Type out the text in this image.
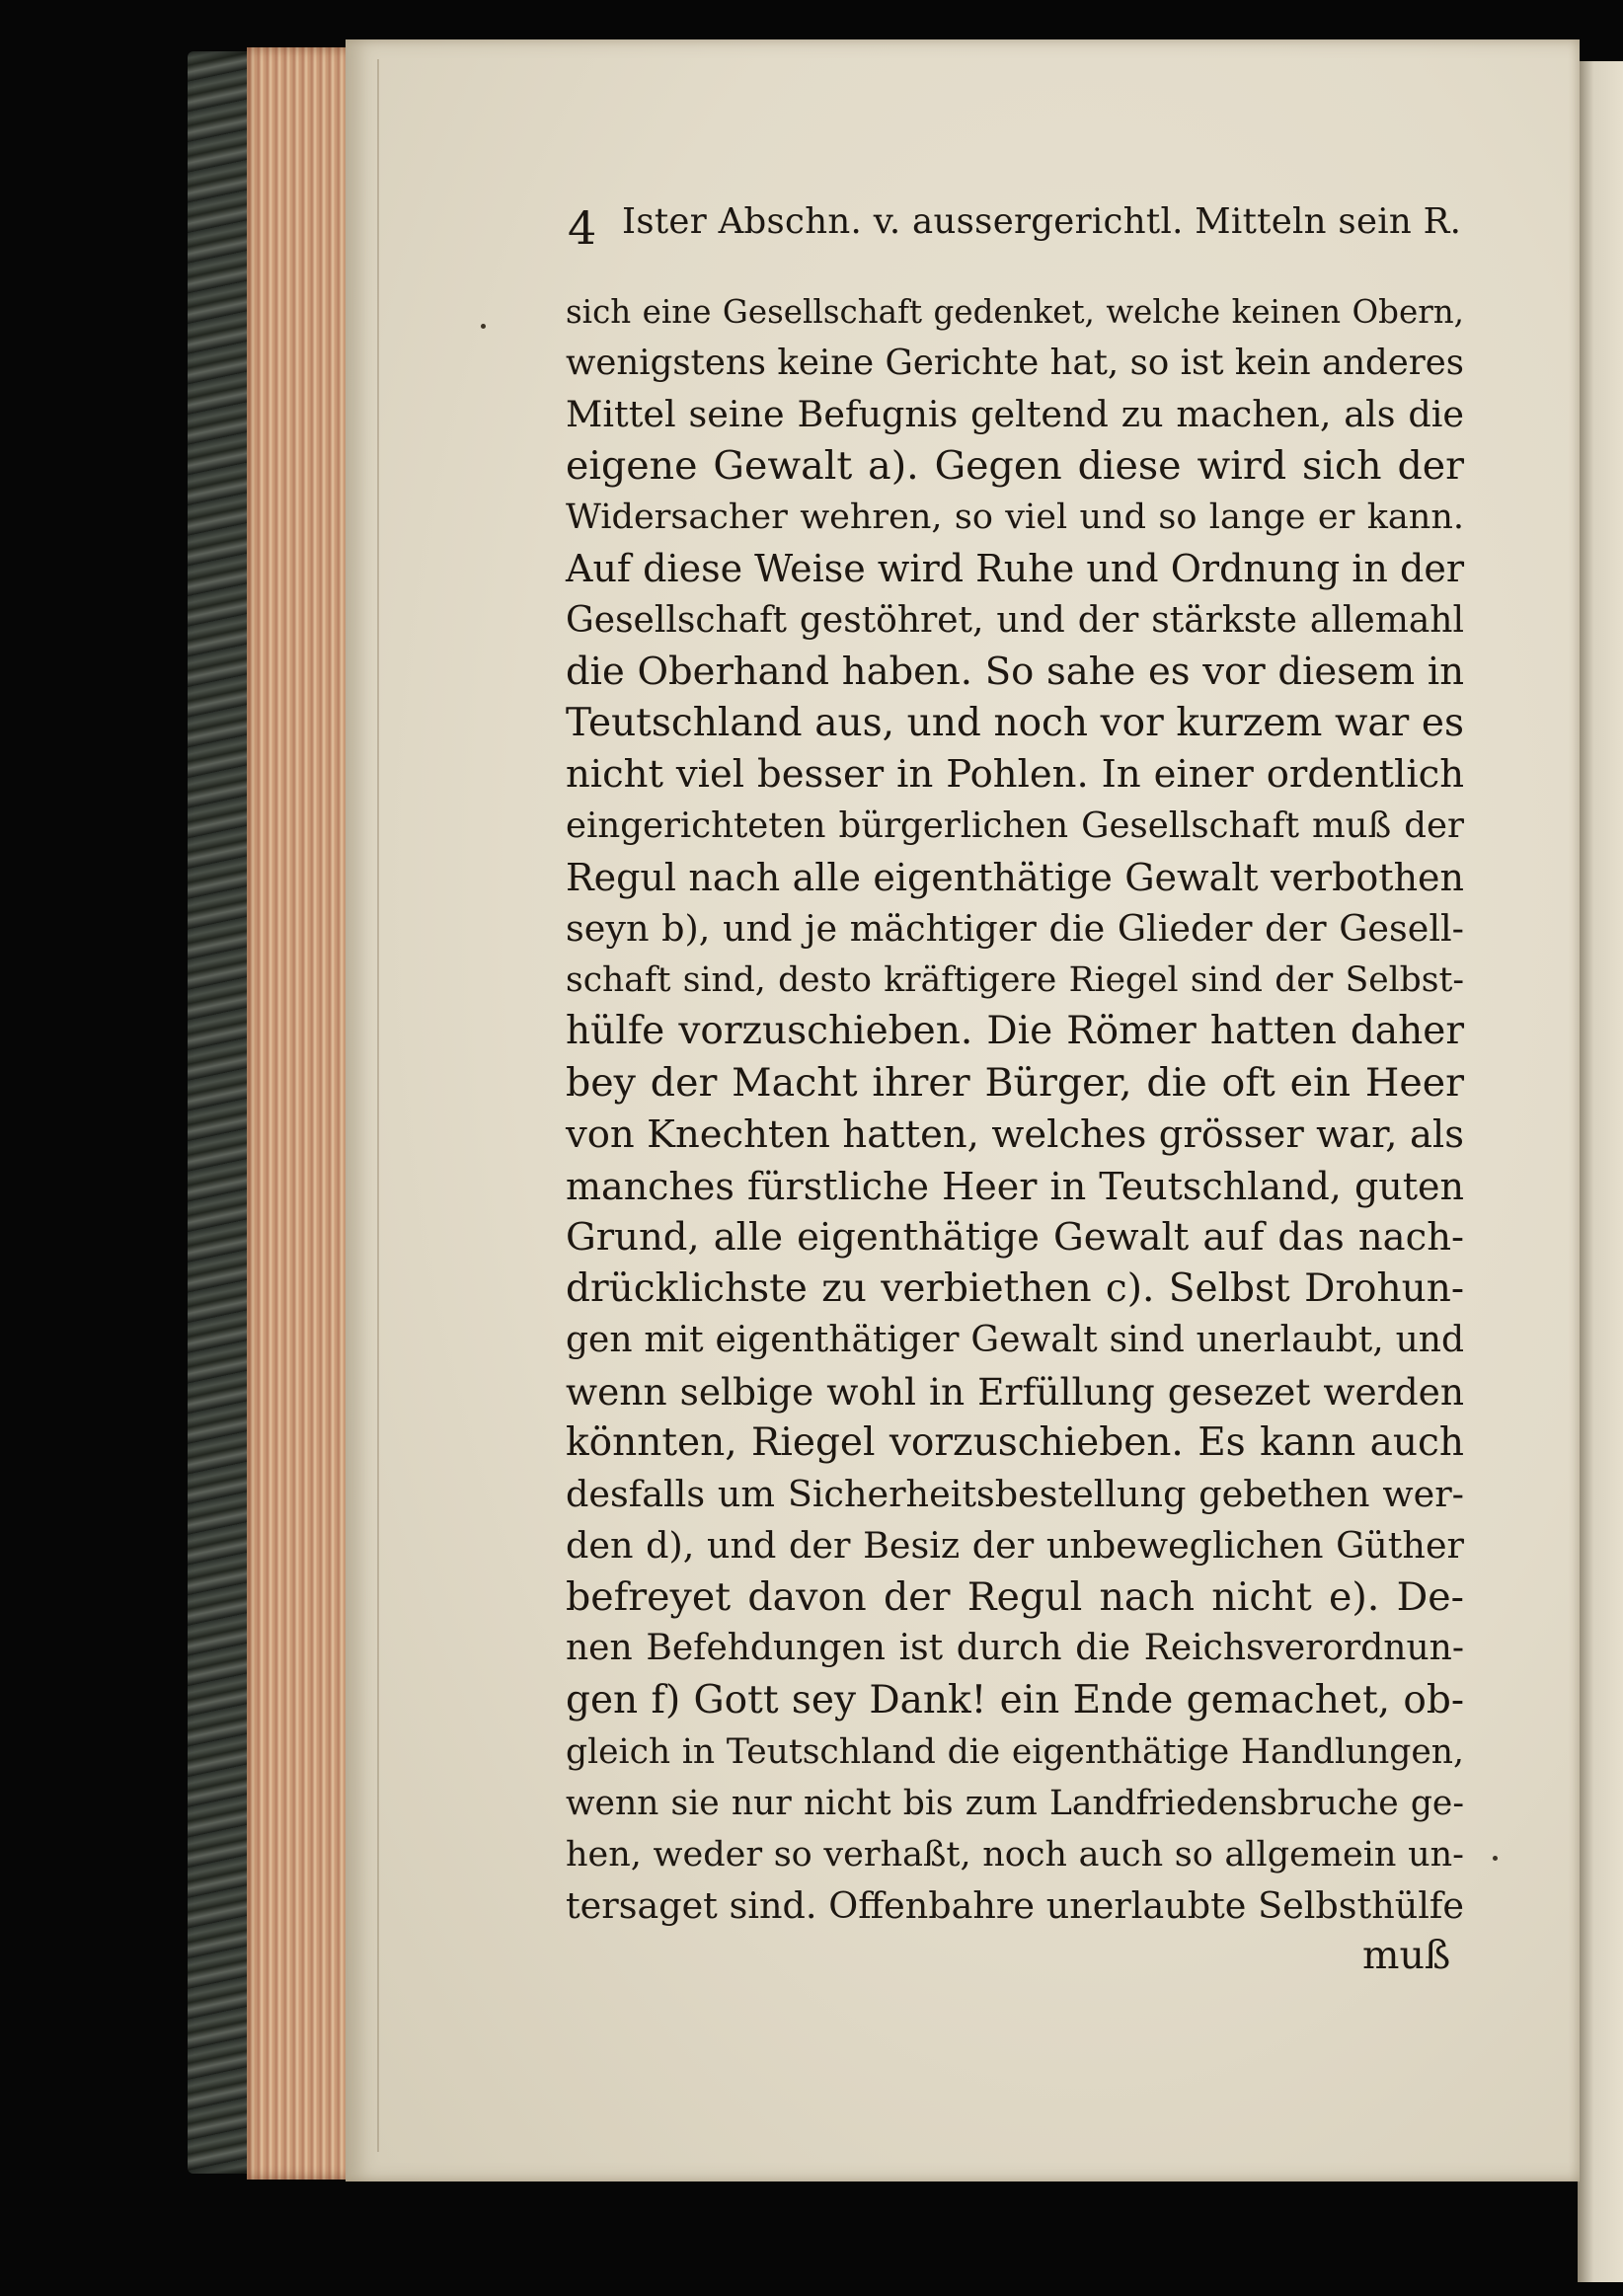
4 Ister Abschn. v. aussergerichtl. Mitteln sein R.
sich eine Gesellschaft gedenket, welche keinen Obern,
wenigstens keine Gerichte hat, so ist kein anderes
Mittel seine Befugnis geltend zu machen, als die
eigene Gewalt a). Gegen diese wird sich der
Widersacher wehren, so viel und so lange er kann.
Auf diese Weise wird Ruhe und Ordnung in der
Gesellschaft gestöhret, und der stärkste allemahl
die Oberhand haben. So sahe es vor diesem in
Teutschland aus, und noch vor kurzem war es
nicht viel besser in Pohlen. In einer ordentlich
eingerichteten bürgerlichen Gesellschaft muß der
Regul nach alle eigenthätige Gewalt verbothen
seyn b), und je mächtiger die Glieder der Gesell-
schaft sind, desto kräftigere Riegel sind der Selbst-
hülfe vorzuschieben. Die Römer hatten daher
bey der Macht ihrer Bürger, die oft ein Heer
von Knechten hatten, welches grösser war, als
manches fürstliche Heer in Teutschland, guten
Grund, alle eigenthätige Gewalt auf das nach-
drücklichste zu verbiethen c). Selbst Drohun-
gen mit eigenthätiger Gewalt sind unerlaubt, und
wenn selbige wohl in Erfüllung gesezet werden
könnten, Riegel vorzuschieben. Es kann auch
desfalls um Sicherheitsbestellung gebethen wer-
den d), und der Besiz der unbeweglichen Güther
befreyet davon der Regul nach nicht e). De-
nen Befehdungen ist durch die Reichsverordnun-
gen f) Gott sey Dank! ein Ende gemachet, ob-
gleich in Teutschland die eigenthätige Handlungen,
wenn sie nur nicht bis zum Landfriedensbruche ge-
hen, weder so verhaßt, noch auch so allgemein un-
tersaget sind. Offenbahre unerlaubte Selbsthülfe
muß
